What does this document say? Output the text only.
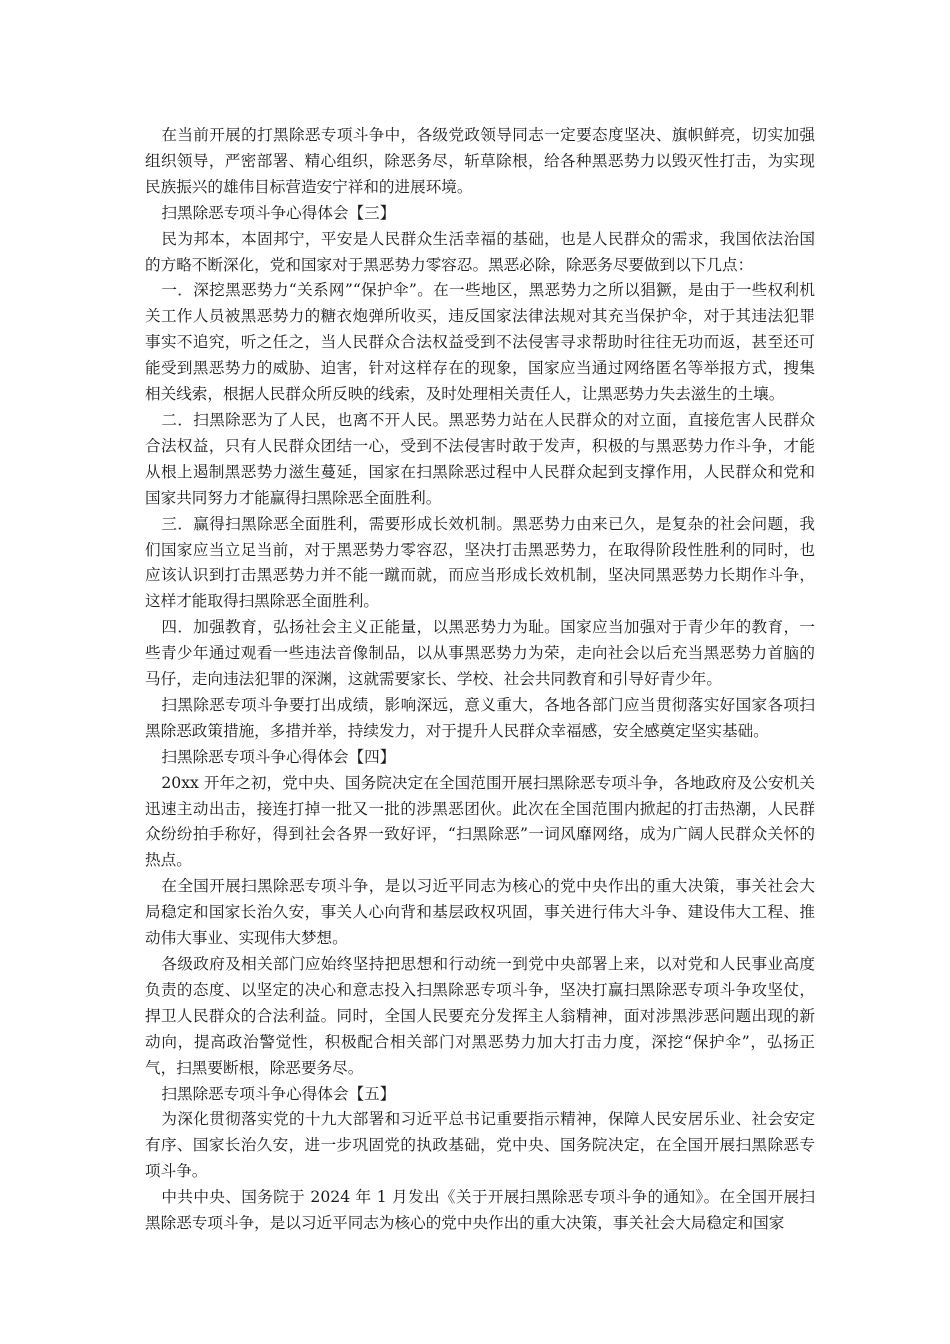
在当前开展的打黑除恶专项斗争中，各级党政领导同志一定要态度坚决、旗帜鲜亮，切实加强组织领导，严密部署、精心组织，除恶务尽，斩草除根，给各种黑恶势力以毁灭性打击，为实现民族振兴的雄伟目标营造安宁祥和的进展环境。

扫黑除恶专项斗争心得体会【三】

民为邦本，本固邦宁，平安是人民群众生活幸福的基础，也是人民群众的需求，我国依法治国的方略不断深化，党和国家对于黑恶势力零容忍。黑恶必除，除恶务尽要做到以下几点：

一．深挖黑恶势力“关系网”“保护伞”。在一些地区，黑恶势力之所以猖獗，是由于一些权利机关工作人员被黑恶势力的糖衣炮弹所收买，违反国家法律法规对其充当保护伞，对于其违法犯罪事实不追究，听之任之，当人民群众合法权益受到不法侵害寻求帮助时往往无功而返，甚至还可能受到黑恶势力的威胁、迫害，针对这样存在的现象，国家应当通过网络匿名等举报方式，搜集相关线索，根据人民群众所反映的线索，及时处理相关责任人，让黑恶势力失去滋生的土壤。

二．扫黑除恶为了人民，也离不开人民。黑恶势力站在人民群众的对立面，直接危害人民群众合法权益，只有人民群众团结一心，受到不法侵害时敢于发声，积极的与黑恶势力作斗争，才能从根上遏制黑恶势力滋生蔓延，国家在扫黑除恶过程中人民群众起到支撑作用，人民群众和党和国家共同努力才能赢得扫黑除恶全面胜利。

三．赢得扫黑除恶全面胜利，需要形成长效机制。黑恶势力由来已久，是复杂的社会问题，我们国家应当立足当前，对于黑恶势力零容忍，坚决打击黑恶势力，在取得阶段性胜利的同时，也应该认识到打击黑恶势力并不能一蹴而就，而应当形成长效机制，坚决同黑恶势力长期作斗争，这样才能取得扫黑除恶全面胜利。

四．加强教育，弘扬社会主义正能量，以黑恶势力为耻。国家应当加强对于青少年的教育，一些青少年通过观看一些违法音像制品，以从事黑恶势力为荣，走向社会以后充当黑恶势力首脑的马仔，走向违法犯罪的深渊，这就需要家长、学校、社会共同教育和引导好青少年。

扫黑除恶专项斗争要打出成绩，影响深远，意义重大，各地各部门应当贯彻落实好国家各项扫黑除恶政策措施，多措并举，持续发力，对于提升人民群众幸福感，安全感奠定坚实基础。

扫黑除恶专项斗争心得体会【四】

20xx 开年之初，党中央、国务院决定在全国范围开展扫黑除恶专项斗争，各地政府及公安机关迅速主动出击，接连打掉一批又一批的涉黑恶团伙。此次在全国范围内掀起的打击热潮，人民群众纷纷拍手称好，得到社会各界一致好评，“扫黑除恶”一词风靡网络，成为广阔人民群众关怀的热点。

在全国开展扫黑除恶专项斗争，是以习近平同志为核心的党中央作出的重大决策，事关社会大局稳定和国家长治久安，事关人心向背和基层政权巩固，事关进行伟大斗争、建设伟大工程、推动伟大事业、实现伟大梦想。

各级政府及相关部门应始终坚持把思想和行动统一到党中央部署上来，以对党和人民事业高度负责的态度、以坚定的决心和意志投入扫黑除恶专项斗争，坚决打赢扫黑除恶专项斗争攻坚仗，捍卫人民群众的合法利益。同时，全国人民要充分发挥主人翁精神，面对涉黑涉恶问题出现的新动向，提高政治警觉性，积极配合相关部门对黑恶势力加大打击力度，深挖“保护伞”，弘扬正气，扫黑要断根，除恶要务尽。

扫黑除恶专项斗争心得体会【五】

为深化贯彻落实党的十九大部署和习近平总书记重要指示精神，保障人民安居乐业、社会安定有序、国家长治久安，进一步巩固党的执政基础，党中央、国务院决定，在全国开展扫黑除恶专项斗争。

中共中央、国务院于 2024 年 1 月发出《关于开展扫黑除恶专项斗争的通知》。在全国开展扫黑除恶专项斗争，是以习近平同志为核心的党中央作出的重大决策，事关社会大局稳定和国家
